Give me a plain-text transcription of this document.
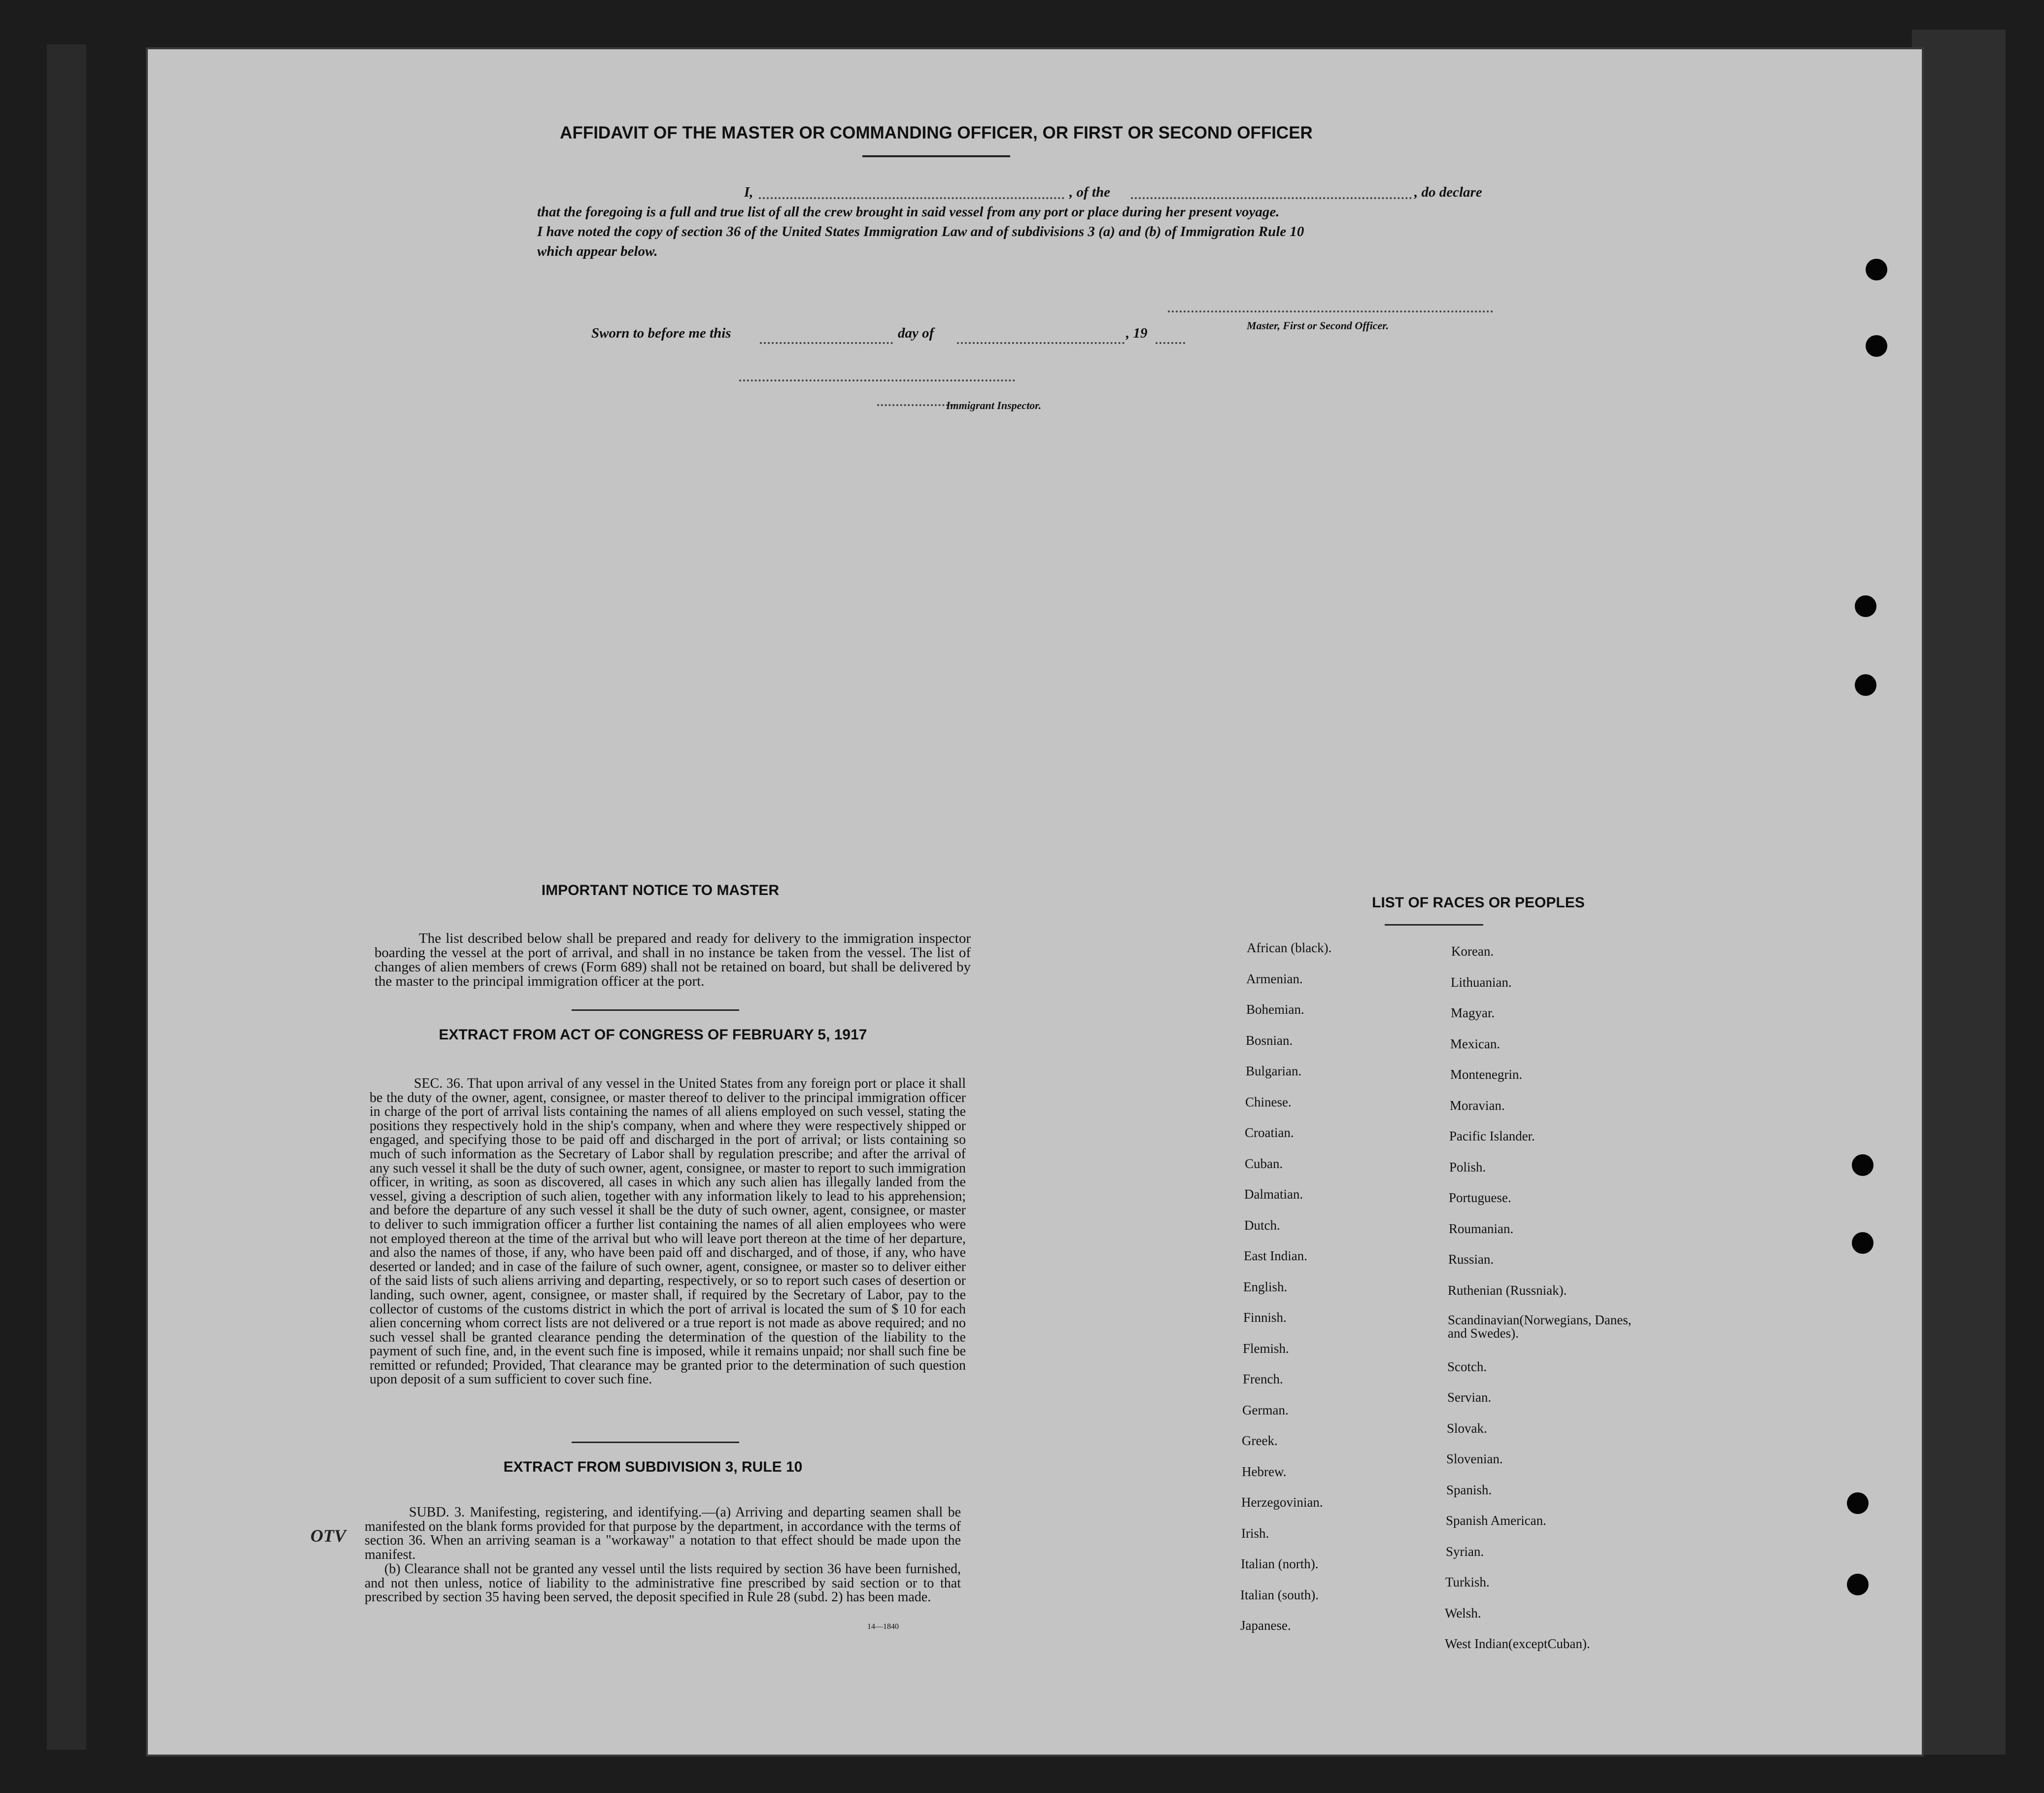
AFFIDAVIT OF THE MASTER OR COMMANDING OFFICER, OR FIRST OR SECOND OFFICER
I,	, of the	, do declare
that the foregoing is a full and true list of all the crew brought in said vessel from any port or place during her present voyage.
I have noted the copy of section 36 of the United States Immigration Law and of subdivisions 3 (a) and (b) of Immigration Rule 10
which appear below.
Master, First or Second Officer.
Sworn to before me this	day of	, 19
Immigrant Inspector.
IMPORTANT NOTICE TO MASTER
The list described below shall be prepared and ready for delivery to the immigration inspector boarding the vessel at the port of arrival, and shall in no instance be taken from the vessel. The list of changes of alien members of crews (Form 689) shall not be retained on board, but shall be delivered by the master to the principal immigration officer at the port.
EXTRACT FROM ACT OF CONGRESS OF FEBRUARY 5, 1917
SEC. 36. That upon arrival of any vessel in the United States from any foreign port or place it shall be the duty of the owner, agent, consignee, or master thereof to deliver to the principal immigration officer in charge of the port of arrival lists containing the names of all aliens employed on such vessel, stating the positions they respectively hold in the ship's company, when and where they were respectively shipped or engaged, and specifying those to be paid off and discharged in the port of arrival; or lists containing so much of such information as the Secretary of Labor shall by regulation prescribe; and after the arrival of any such vessel it shall be the duty of such owner, agent, consignee, or master to report to such immigration officer, in writing, as soon as discovered, all cases in which any such alien has illegally landed from the vessel, giving a description of such alien, together with any information likely to lead to his apprehension; and before the departure of any such vessel it shall be the duty of such owner, agent, consignee, or master to deliver to such immigration officer a further list containing the names of all alien employees who were not employed thereon at the time of the arrival but who will leave port thereon at the time of her departure, and also the names of those, if any, who have been paid off and discharged, and of those, if any, who have deserted or landed; and in case of the failure of such owner, agent, consignee, or master so to deliver either of the said lists of such aliens arriving and departing, respectively, or so to report such cases of desertion or landing, such owner, agent, consignee, or master shall, if required by the Secretary of Labor, pay to the collector of customs of the customs district in which the port of arrival is located the sum of $ 10 for each alien concerning whom correct lists are not delivered or a true report is not made as above required; and no such vessel shall be granted clearance pending the determination of the question of the liability to the payment of such fine, and, in the event such fine is imposed, while it remains unpaid; nor shall such fine be remitted or refunded; Provided, That clearance may be granted prior to the determination of such question upon deposit of a sum sufficient to cover such fine.
EXTRACT FROM SUBDIVISION 3, RULE 10
SUBD. 3. Manifesting, registering, and identifying.—(a) Arriving and departing seamen shall be manifested on the blank forms provided for that purpose by the department, in accordance with the terms of section 36. When an arriving seaman is a "workaway" a notation to that effect should be made upon the manifest.
(b) Clearance shall not be granted any vessel until the lists required by section 36 have been furnished, and not then unless, notice of liability to the administrative fine prescribed by said section or to that prescribed by section 35 having been served, the deposit specified in Rule 28 (subd. 2) has been made.
14—1840
OTV
LIST OF RACES OR PEOPLES
African (black).
Armenian.
Bohemian.
Bosnian.
Bulgarian.
Chinese.
Croatian.
Cuban.
Dalmatian.
Dutch.
East Indian.
English.
Finnish.
Flemish.
French.
German.
Greek.
Hebrew.
Herzegovinian.
Irish.
Italian (north).
Italian (south).
Japanese.
Korean.
Lithuanian.
Magyar.
Mexican.
Montenegrin.
Moravian.
Pacific Islander.
Polish.
Portuguese.
Roumanian.
Russian.
Ruthenian (Russniak).
Scandinavian(Norwegians, Danes, and Swedes).
Scotch.
Servian.
Slovak.
Slovenian.
Spanish.
Spanish American.
Syrian.
Turkish.
Welsh.
West Indian(exceptCuban).
